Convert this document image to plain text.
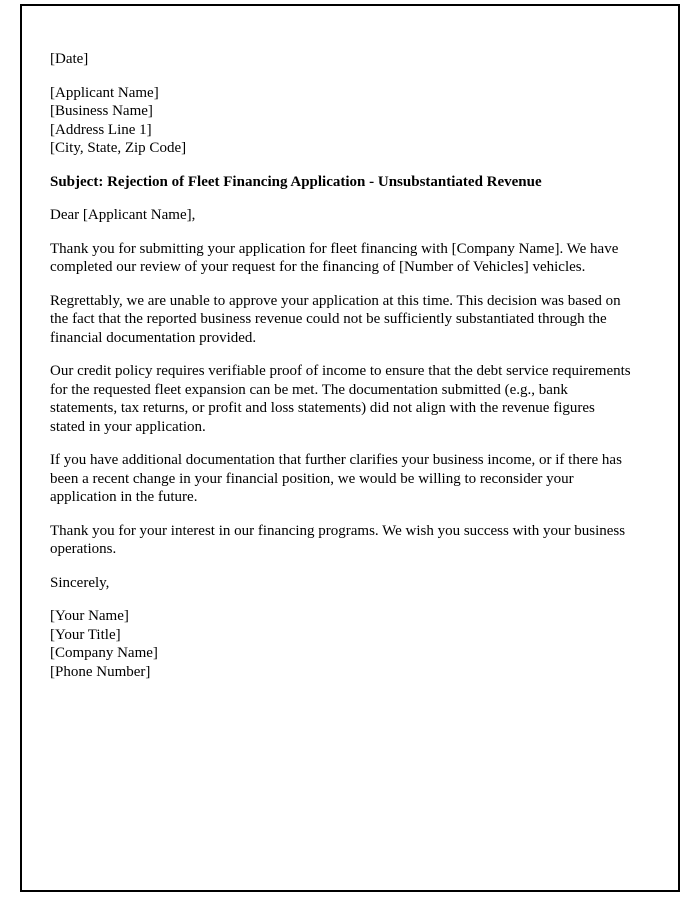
[Date]

[Applicant Name]
[Business Name]
[Address Line 1]
[City, State, Zip Code]

Subject: Rejection of Fleet Financing Application - Unsubstantiated Revenue

Dear [Applicant Name],

Thank you for submitting your application for fleet financing with [Company Name]. We have completed our review of your request for the financing of [Number of Vehicles] vehicles.

Regrettably, we are unable to approve your application at this time. This decision was based on the fact that the reported business revenue could not be sufficiently substantiated through the financial documentation provided.

Our credit policy requires verifiable proof of income to ensure that the debt service requirements for the requested fleet expansion can be met. The documentation submitted (e.g., bank statements, tax returns, or profit and loss statements) did not align with the revenue figures stated in your application.

If you have additional documentation that further clarifies your business income, or if there has been a recent change in your financial position, we would be willing to reconsider your application in the future.

Thank you for your interest in our financing programs. We wish you success with your business operations.

Sincerely,

[Your Name]
[Your Title]
[Company Name]
[Phone Number]
